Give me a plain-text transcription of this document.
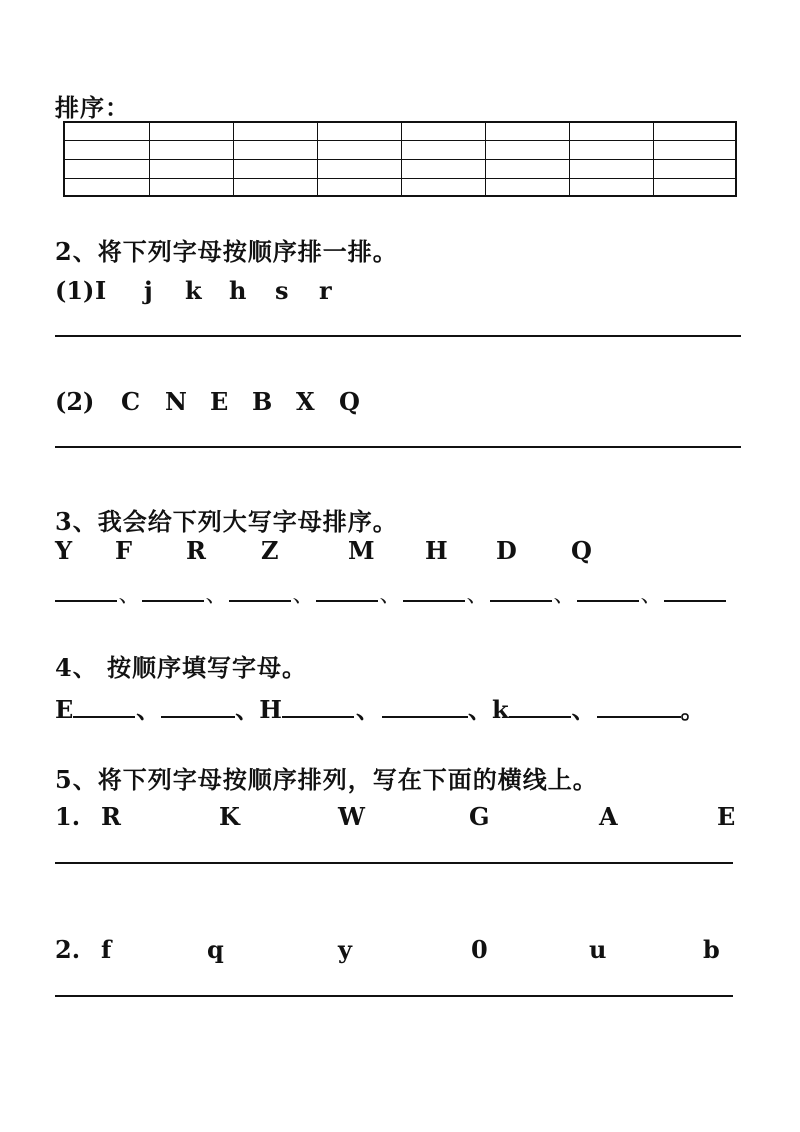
排序：
2、将下列字母按顺序排一排。
(1) I j k h s r
(2) C N E B X Q
3、我会给下列大写字母排序。
Y F R Z	M H D Q
、	、	、	、	、	、	、
4、 按顺序填写字母。
E	、	、H	、	、k	、	。
5、将下列字母按顺序排列，写在下面的横线上。
1. R	K	W	G	A	E
2. f	q	y	0	u	b
